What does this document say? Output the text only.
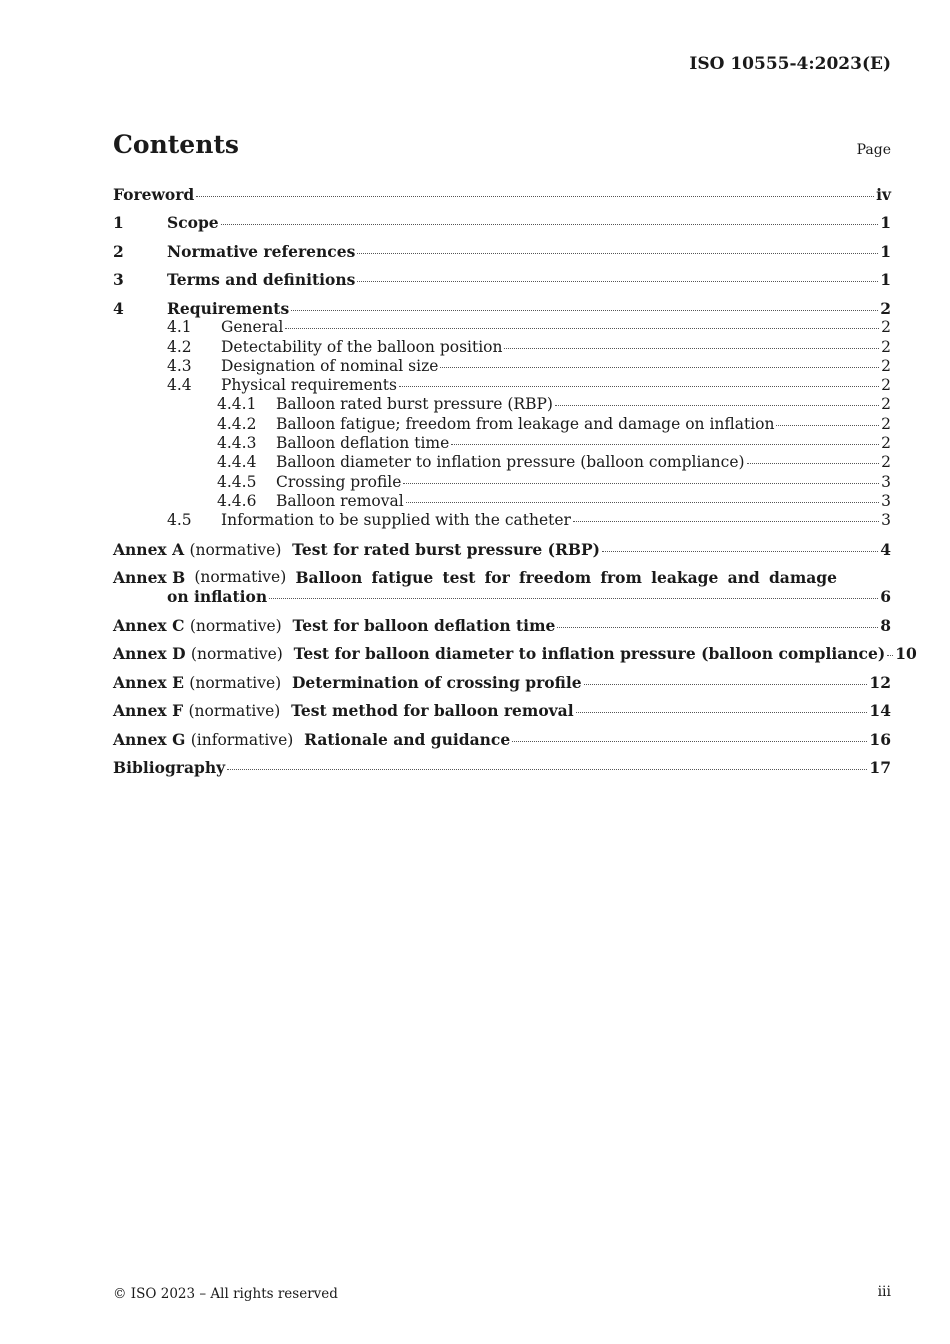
ISO 10555-4:2023(E)
Contents	Page
Foreword	iv
1	Scope	1
2	Normative references	1
3	Terms and definitions	1
4	Requirements	2
4.1	General	2
4.2	Detectability of the balloon position	2
4.3	Designation of nominal size	2
4.4	Physical requirements	2
4.4.1	Balloon rated burst pressure (RBP)	2
4.4.2	Balloon fatigue; freedom from leakage and damage on inflation	2
4.4.3	Balloon deflation time	2
4.4.4	Balloon diameter to inflation pressure (balloon compliance)	2
4.4.5	Crossing profile	3
4.4.6	Balloon removal	3
4.5	Information to be supplied with the catheter	3
Annex A (normative) Test for rated burst pressure (RBP)	4
Annex B (normative) Balloon fatigue test for freedom from leakage and damage
on inflation	6
Annex C (normative) Test for balloon deflation time	8
Annex D (normative) Test for balloon diameter to inflation pressure (balloon compliance) 10
Annex E (normative) Determination of crossing profile	12
Annex F (normative) Test method for balloon removal	14
Annex G (informative) Rationale and guidance	16
Bibliography	17
© ISO 2023 – All rights reserved	iii
